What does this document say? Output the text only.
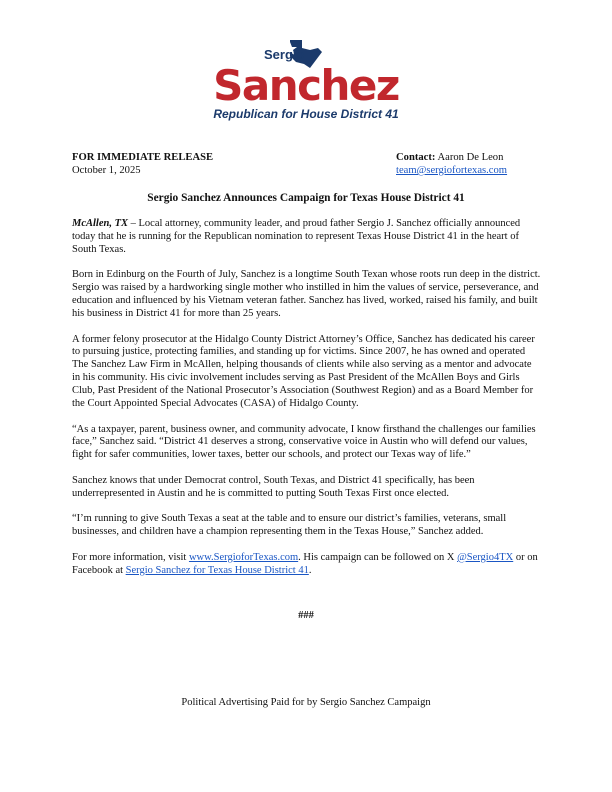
Sergio
Sanchez
Republican for House District 41
FOR IMMEDIATE RELEASE
October 1, 2025
Contact: Aaron De Leon
team@sergiofortexas.com
Sergio Sanchez Announces Campaign for Texas House District 41

McAllen, TX – Local attorney, community leader, and proud father Sergio J. Sanchez officially announced today that he is running for the Republican nomination to represent Texas House District 41 in the heart of South Texas.

Born in Edinburg on the Fourth of July, Sanchez is a longtime South Texan whose roots run deep in the district. Sergio was raised by a hardworking single mother who instilled in him the values of service, perseverance, and education and influenced by his Vietnam veteran father. Sanchez has lived, worked, raised his family, and built his business in District 41 for more than 25 years.

A former felony prosecutor at the Hidalgo County District Attorney’s Office, Sanchez has dedicated his career to pursuing justice, protecting families, and standing up for victims. Since 2007, he has owned and operated The Sanchez Law Firm in McAllen, helping thousands of clients while also serving as a mentor and advocate in his community. His civic involvement includes serving as Past President of the McAllen Boys and Girls Club, Past President of the National Prosecutor’s Association (Southwest Region) and as a Board Member for the Court Appointed Special Advocates (CASA) of Hidalgo County.

“As a taxpayer, parent, business owner, and community advocate, I know firsthand the challenges our families face,” Sanchez said. “District 41 deserves a strong, conservative voice in Austin who will defend our values, fight for safer communities, lower taxes, better our schools, and protect our Texas way of life.”

Sanchez knows that under Democrat control, South Texas, and District 41 specifically, has been underrepresented in Austin and he is committed to putting South Texas First once elected.

“I’m running to give South Texas a seat at the table and to ensure our district’s families, veterans, small businesses, and children have a champion representing them in the Texas House,” Sanchez added.

For more information, visit www.SergioforTexas.com. His campaign can be followed on X @Sergio4TX or on Facebook at Sergio Sanchez for Texas House District 41.

###
Political Advertising Paid for by Sergio Sanchez Campaign
